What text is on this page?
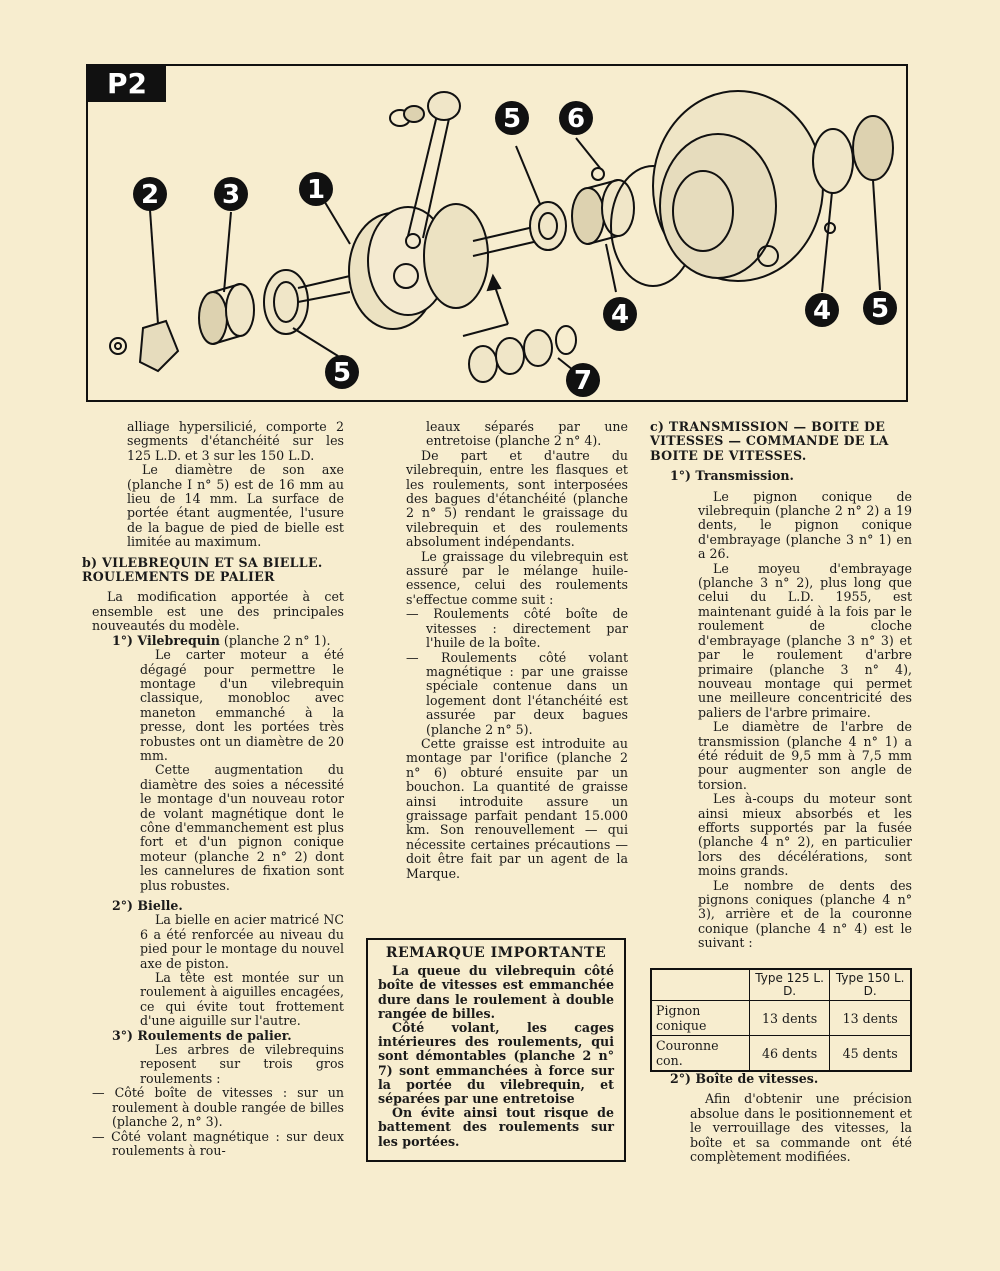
2 3	1
5 6
4
5
4 5
7
P2

alliage hypersilicié, comporte 2 segments d'étanchéité sur les 125 L.D. et 3 sur les 150 L.D.

Le diamètre de son axe (planche I n° 5) est de 16 mm au lieu de 14 mm. La surface de portée étant augmentée, l'usure de la bague de pied de bielle est limitée au maximum.

b) VILEBREQUIN ET SA BIELLE. ROULEMENTS DE PALIER

La modification apportée à cet ensemble est une des principales nouveautés du modèle.

1°) Vilebrequin (planche 2 n° 1).

Le carter moteur a été dégagé pour permettre le montage d'un vilebrequin classique, monobloc avec maneton emmanché à la presse, dont les portées très robustes ont un diamètre de 20 mm.

Cette augmentation du diamètre des soies a nécessité le montage d'un nouveau rotor de volant magnétique dont le cône d'emmanchement est plus fort et d'un pignon conique moteur (planche 2 n° 2) dont les cannelures de fixation sont plus robustes.

2°) Bielle.

La bielle en acier matricé NC 6 a été renforcée au niveau du pied pour le montage du nouvel axe de piston.

La tête est montée sur un roulement à aiguilles encagées, ce qui évite tout frottement d'une aiguille sur l'autre.

3°) Roulements de palier.

Les arbres de vilebrequins reposent sur trois gros roulements :

— Côté boîte de vitesses : sur un roulement à double rangée de billes (planche 2, n° 3).

— Côté volant magnétique : sur deux roulements à rou-

leaux séparés par une entretoise (planche 2 n° 4).

De part et d'autre du vilebrequin, entre les flasques et les roulements, sont interposées des bagues d'étanchéité (planche 2 n° 5) rendant le graissage du vilebrequin et des roulements absolument indépendants.

Le graissage du vilebrequin est assuré par le mélange huile-essence, celui des roulements s'effectue comme suit :

— Roulements côté boîte de vitesses : directement par l'huile de la boîte.

— Roulements côté volant magnétique : par une graisse spéciale contenue dans un logement dont l'étanchéité est assurée par deux bagues (planche 2 n° 5).

Cette graisse est introduite au montage par l'orifice (planche 2 n° 6) obturé ensuite par un bouchon. La quantité de graisse ainsi introduite assure un graissage parfait pendant 15.000 km. Son renouvellement — qui nécessite certaines précautions — doit être fait par un agent de la Marque.

REMARQUE IMPORTANTE

La queue du vilebrequin côté boîte de vitesses est emmanchée dure dans le roulement à double rangée de billes.

Côté volant, les cages intérieures des roulements, qui sont démontables (planche 2 n° 7) sont emmanchées à force sur la portée du vilebrequin, et séparées par une entretoise

On évite ainsi tout risque de battement des roulements sur les portées.

c) TRANSMISSION — BOITE DE VITESSES — COMMANDE DE LA BOITE DE VITESSES.

1°) Transmission.

Le pignon conique de vilebrequin (planche 2 n° 2) a 19 dents, le pignon conique d'embrayage (planche 3 n° 1) en a 26.

Le moyeu d'embrayage (planche 3 n° 2), plus long que celui du L.D. 1955, est maintenant guidé à la fois par le roulement de cloche d'embrayage (planche 3 n° 3) et par le roulement d'arbre primaire (planche 3 n° 4), nouveau montage qui permet une meilleure concentricité des paliers de l'arbre primaire.

Le diamètre de l'arbre de transmission (planche 4 n° 1) a été réduit de 9,5 mm à 7,5 mm pour augmenter son angle de torsion.

Les à-coups du moteur sont ainsi mieux absorbés et les efforts supportés par la fusée (planche 4 n° 2), en particulier lors des décélérations, sont moins grands.

Le nombre de dents des pignons coniques (planche 4 n° 3), arrière et de la couronne conique (planche 4 n° 4) est le suivant :

	Type 125 L. D.	Type 150 L. D.
Pignon conique	13 dents	13 dents
Couronne con.	46 dents	45 dents

2°) Boîte de vitesses.

Afin d'obtenir une précision absolue dans le positionnement et le verrouillage des vitesses, la boîte et sa commande ont été complètement modifiées.
